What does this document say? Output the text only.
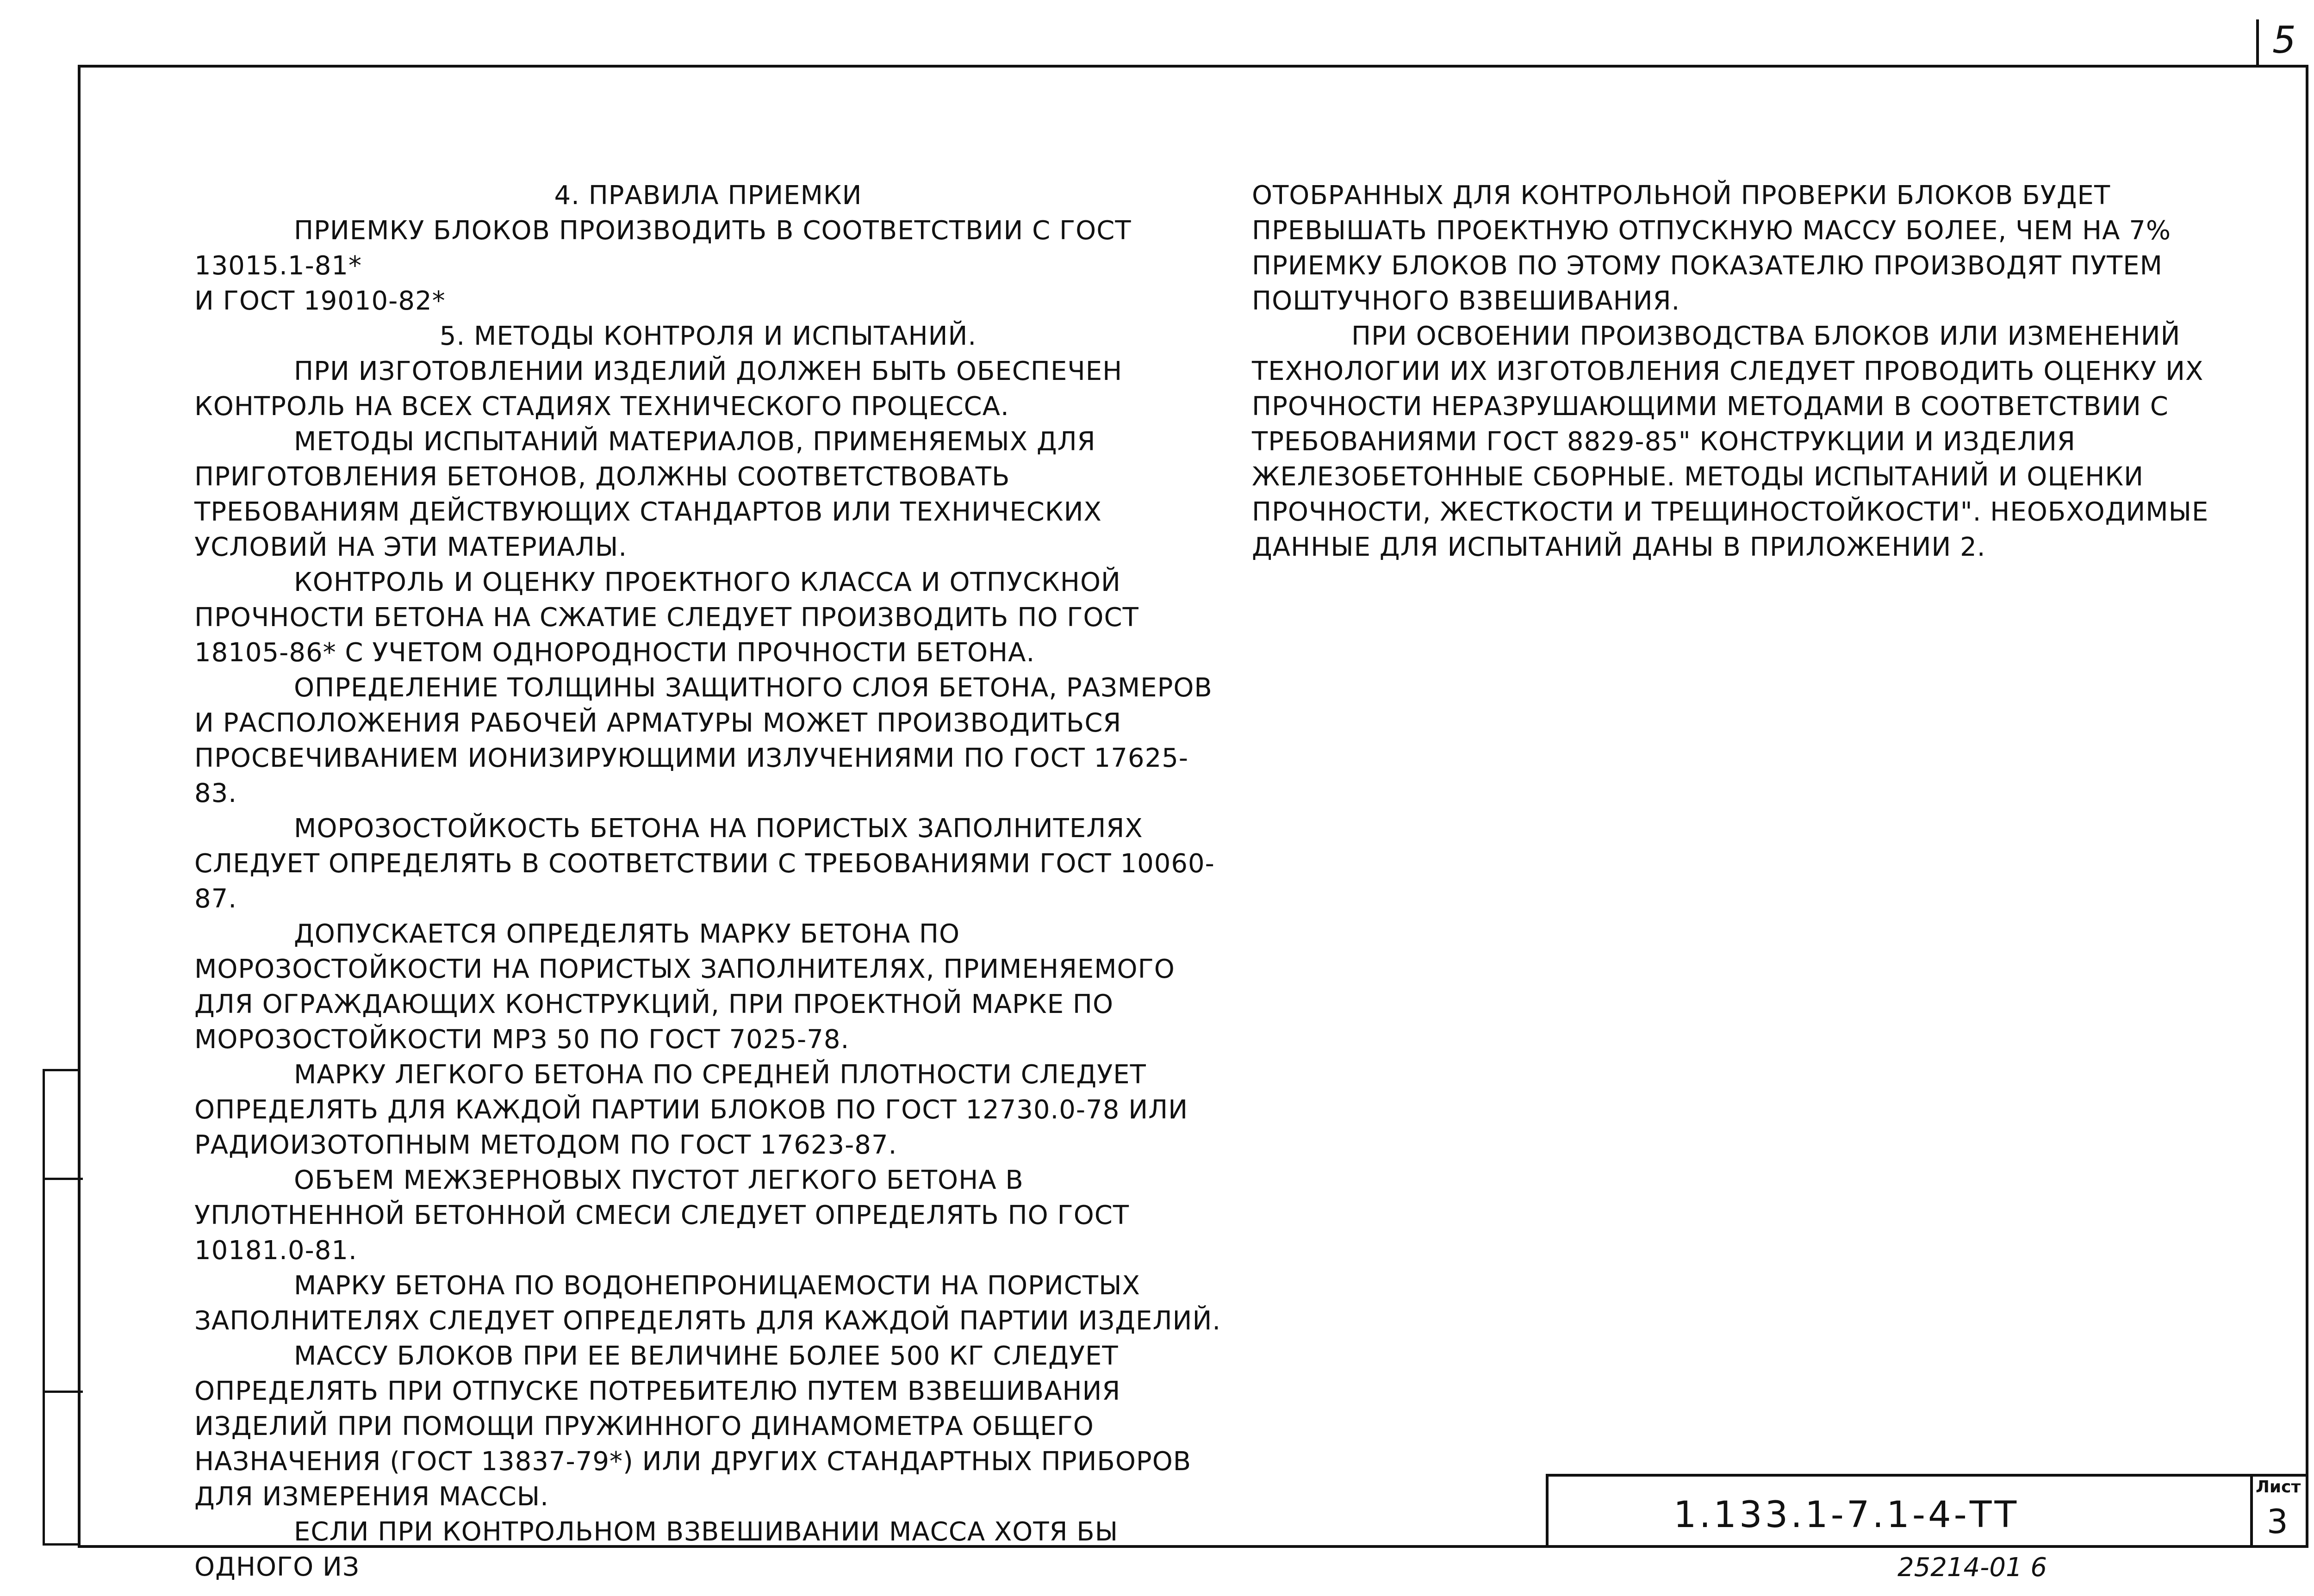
5

4. ПРАВИЛА ПРИЕМКИ

ПРИЕМКУ БЛОКОВ ПРОИЗВОДИТЬ В СООТВЕТСТВИИ С ГОСТ 13015.1-81*

И ГОСТ 19010-82*

5. МЕТОДЫ КОНТРОЛЯ И ИСПЫТАНИЙ.

ПРИ ИЗГОТОВЛЕНИИ ИЗДЕЛИЙ ДОЛЖЕН БЫТЬ ОБЕСПЕЧЕН КОНТРОЛЬ НА ВСЕХ СТАДИЯХ ТЕХНИЧЕСКОГО ПРОЦЕССА.

МЕТОДЫ ИСПЫТАНИЙ МАТЕРИАЛОВ, ПРИМЕНЯЕМЫХ ДЛЯ ПРИГОТОВЛЕНИЯ БЕТОНОВ, ДОЛЖНЫ СООТВЕТСТВОВАТЬ ТРЕБОВАНИЯМ ДЕЙСТВУЮЩИХ СТАНДАРТОВ ИЛИ ТЕХНИЧЕСКИХ УСЛОВИЙ НА ЭТИ МАТЕРИАЛЫ.

КОНТРОЛЬ И ОЦЕНКУ ПРОЕКТНОГО КЛАССА И ОТПУСКНОЙ ПРОЧНОСТИ БЕТОНА НА СЖАТИЕ СЛЕДУЕТ ПРОИЗВОДИТЬ ПО ГОСТ 18105-86* С УЧЕТОМ ОДНОРОДНОСТИ ПРОЧНОСТИ БЕТОНА.

ОПРЕДЕЛЕНИЕ ТОЛЩИНЫ ЗАЩИТНОГО СЛОЯ БЕТОНА, РАЗМЕРОВ И РАСПОЛОЖЕНИЯ РАБОЧЕЙ АРМАТУРЫ МОЖЕТ ПРОИЗВОДИТЬСЯ ПРОСВЕЧИВАНИЕМ ИОНИЗИРУЮЩИМИ ИЗЛУЧЕНИЯМИ ПО ГОСТ 17625-83.

МОРОЗОСТОЙКОСТЬ БЕТОНА НА ПОРИСТЫХ ЗАПОЛНИТЕЛЯХ СЛЕДУЕТ ОПРЕДЕЛЯТЬ В СООТВЕТСТВИИ С ТРЕБОВАНИЯМИ ГОСТ 10060-87.

ДОПУСКАЕТСЯ ОПРЕДЕЛЯТЬ МАРКУ БЕТОНА ПО МОРОЗОСТОЙКОСТИ НА ПОРИСТЫХ ЗАПОЛНИТЕЛЯХ, ПРИМЕНЯЕМОГО ДЛЯ ОГРАЖДАЮЩИХ КОНСТРУКЦИЙ, ПРИ ПРОЕКТНОЙ МАРКЕ ПО МОРОЗОСТОЙКОСТИ МРЗ 50 ПО ГОСТ 7025-78.

МАРКУ ЛЕГКОГО БЕТОНА ПО СРЕДНЕЙ ПЛОТНОСТИ СЛЕДУЕТ ОПРЕДЕЛЯТЬ ДЛЯ КАЖДОЙ ПАРТИИ БЛОКОВ ПО ГОСТ 12730.0-78 ИЛИ РАДИОИЗОТОПНЫМ МЕТОДОМ ПО ГОСТ 17623-87.

ОБЪЕМ МЕЖЗЕРНОВЫХ ПУСТОТ ЛЕГКОГО БЕТОНА В УПЛОТНЕННОЙ БЕТОННОЙ СМЕСИ СЛЕДУЕТ ОПРЕДЕЛЯТЬ ПО ГОСТ 10181.0-81.

МАРКУ БЕТОНА ПО ВОДОНЕПРОНИЦАЕМОСТИ НА ПОРИСТЫХ ЗАПОЛНИТЕЛЯХ СЛЕДУЕТ ОПРЕДЕЛЯТЬ ДЛЯ КАЖДОЙ ПАРТИИ ИЗДЕЛИЙ.

МАССУ БЛОКОВ ПРИ ЕЕ ВЕЛИЧИНЕ БОЛЕЕ 500 КГ СЛЕДУЕТ ОПРЕДЕЛЯТЬ ПРИ ОТПУСКЕ ПОТРЕБИТЕЛЮ ПУТЕМ ВЗВЕШИВАНИЯ ИЗДЕЛИЙ ПРИ ПОМОЩИ ПРУЖИННОГО ДИНАМОМЕТРА ОБЩЕГО НАЗНАЧЕНИЯ (ГОСТ 13837-79*) ИЛИ ДРУГИХ СТАНДАРТНЫХ ПРИБОРОВ ДЛЯ ИЗМЕРЕНИЯ МАССЫ.

ЕСЛИ ПРИ КОНТРОЛЬНОМ ВЗВЕШИВАНИИ МАССА ХОТЯ БЫ ОДНОГО ИЗ

ОТОБРАННЫХ ДЛЯ КОНТРОЛЬНОЙ ПРОВЕРКИ БЛОКОВ БУДЕТ ПРЕВЫШАТЬ ПРОЕКТНУЮ ОТПУСКНУЮ МАССУ БОЛЕЕ, ЧЕМ НА 7% ПРИЕМКУ БЛОКОВ ПО ЭТОМУ ПОКАЗАТЕЛЮ ПРОИЗВОДЯТ ПУТЕМ ПОШТУЧНОГО ВЗВЕШИВАНИЯ.

ПРИ ОСВОЕНИИ ПРОИЗВОДСТВА БЛОКОВ ИЛИ ИЗМЕНЕНИЙ ТЕХНОЛОГИИ ИХ ИЗГОТОВЛЕНИЯ СЛЕДУЕТ ПРОВОДИТЬ ОЦЕНКУ ИХ ПРОЧНОСТИ НЕРАЗРУШАЮЩИМИ МЕТОДАМИ В СООТВЕТСТВИИ С ТРЕБОВАНИЯМИ ГОСТ 8829-85" КОНСТРУКЦИИ И ИЗДЕЛИЯ ЖЕЛЕЗОБЕТОННЫЕ СБОРНЫЕ. МЕТОДЫ ИСПЫТАНИЙ И ОЦЕНКИ ПРОЧНОСТИ, ЖЕСТКОСТИ И ТРЕЩИНОСТОЙКОСТИ". НЕОБХОДИМЫЕ ДАННЫЕ ДЛЯ ИСПЫТАНИЙ ДАНЫ В ПРИЛОЖЕНИИ 2.

1.133.1-7.1-4-ТТ
Лист
3
25214-01 6
